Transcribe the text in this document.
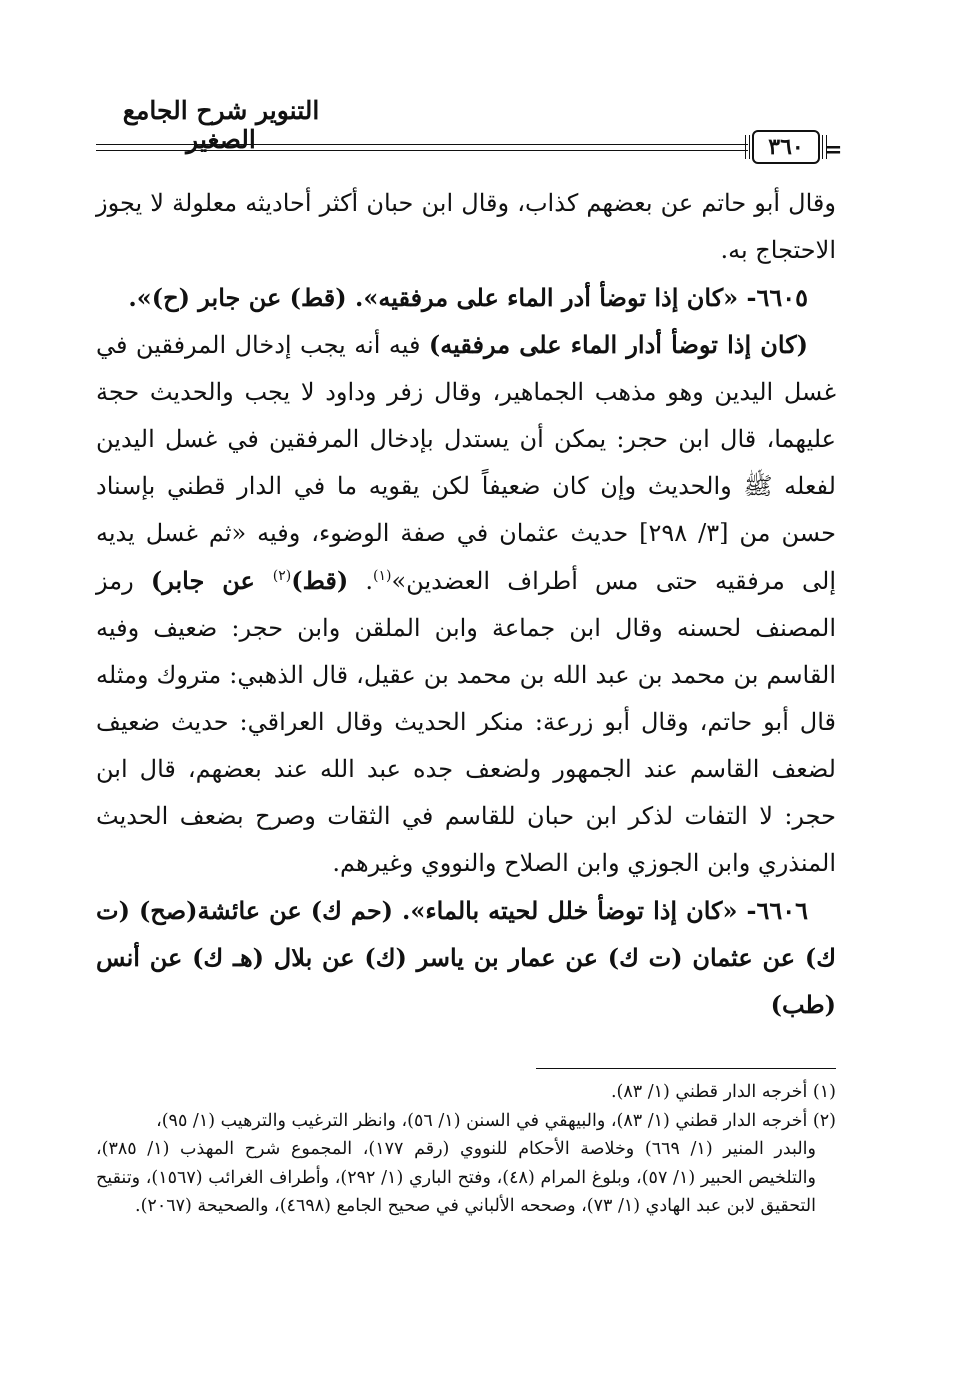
التنوير شرح الجامع الصغير	٣٦٠ =

وقال أبو حاتم عن بعضهم كذاب، وقال ابن حبان أكثر أحاديثه معلولة لا يجوز الاحتجاج به.

٦٦٠٥- «كان إذا توضأ أدر الماء على مرفقيه». (قط) عن جابر (ح)».

(كان إذا توضأ أدار الماء على مرفقيه) فيه أنه يجب إدخال المرفقين في غسل اليدين وهو مذهب الجماهير، وقال زفر وداود لا يجب والحديث حجة عليهما، قال ابن حجر: يمكن أن يستدل بإدخال المرفقين في غسل اليدين لفعله ﷺ والحديث وإن كان ضعيفاً لكن يقويه ما في الدار قطني بإسناد حسن من [٣/ ٢٩٨] حديث عثمان في صفة الوضوء، وفيه «ثم غسل يديه إلى مرفقيه حتى مس أطراف العضدين»$^{(١)}$. (قط)$^{(٢)}$ عن جابر) رمز المصنف لحسنه وقال ابن جماعة وابن الملقن وابن حجر: ضعيف وفيه القاسم بن محمد بن عبد الله بن محمد بن عقيل، قال الذهبي: متروك ومثله قال أبو حاتم، وقال أبو زرعة: منكر الحديث وقال العراقي: حديث ضعيف لضعف القاسم عند الجمهور ولضعف جده عبد الله عند بعضهم، قال ابن حجر: لا التفات لذكر ابن حبان للقاسم في الثقات وصرح بضعف الحديث المنذري وابن الجوزي وابن الصلاح والنووي وغيرهم.

٦٦٠٦- «كان إذا توضأ خلل لحيته بالماء». (حم ك) عن عائشة(صح) (ت ك) عن عثمان (ت ك) عن عمار بن ياسر (ك) عن بلال (هـ ك) عن أنس (طب)

(١) أخرجه الدار قطني (١/ ٨٣).

(٢) أخرجه الدار قطني (١/ ٨٣)، والبيهقي في السنن (١/ ٥٦)، وانظر الترغيب والترهيب (١/ ٩٥)،

والبدر المنير (١/ ٦٦٩) وخلاصة الأحكام للنووي (رقم ١٧٧)، المجموع شرح المهذب (١/ ٣٨٥)، والتلخيص الحبير (١/ ٥٧)، وبلوغ المرام (٤٨)، وفتح الباري (١/ ٢٩٢)، وأطراف الغرائب (١٥٦٧)، وتنقيح التحقيق لابن عبد الهادي (١/ ٧٣)، وصححه الألباني في صحيح الجامع (٤٦٩٨)، والصحيحة (٢٠٦٧).
